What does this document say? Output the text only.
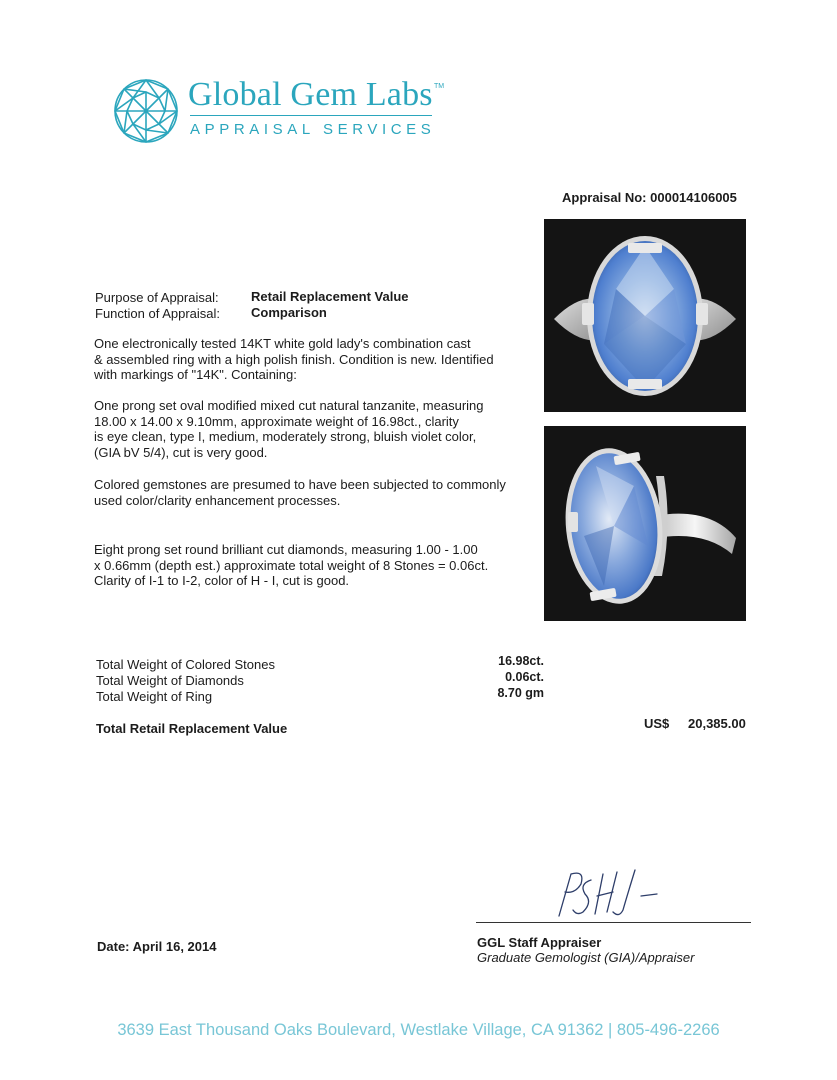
Global Gem Labs TM
APPRAISAL SERVICES
Appraisal No: 000014106005
Purpose of Appraisal: Retail Replacement Value
Function of Appraisal: Comparison

One electronically tested 14KT white gold lady's combination cast

& assembled ring with a high polish finish. Condition is new. Identified

with markings of "14K". Containing:

One prong set oval modified mixed cut natural tanzanite, measuring

18.00 x 14.00 x 9.10mm, approximate weight of 16.98ct., clarity

is eye clean, type I, medium, moderately strong, bluish violet color,

(GIA bV 5/4), cut is very good.

Colored gemstones are presumed to have been subjected to commonly

used color/clarity enhancement processes.

Eight prong set round brilliant cut diamonds, measuring 1.00 - 1.00

x 0.66mm (depth est.) approximate total weight of 8 Stones = 0.06ct.

Clarity of I-1 to I-2, color of H - I, cut is good.

Total Weight of Colored Stones	16.98ct.
Total Weight of Diamonds	0.06ct.
Total Weight of Ring	8.70 gm
Total Retail Replacement Value	US$ 20,385.00
Date: April 16, 2014	GGL Staff Appraiser
Graduate Gemologist (GIA)/Appraiser
3639 East Thousand Oaks Boulevard, Westlake Village, CA 91362 | 805-496-2266
